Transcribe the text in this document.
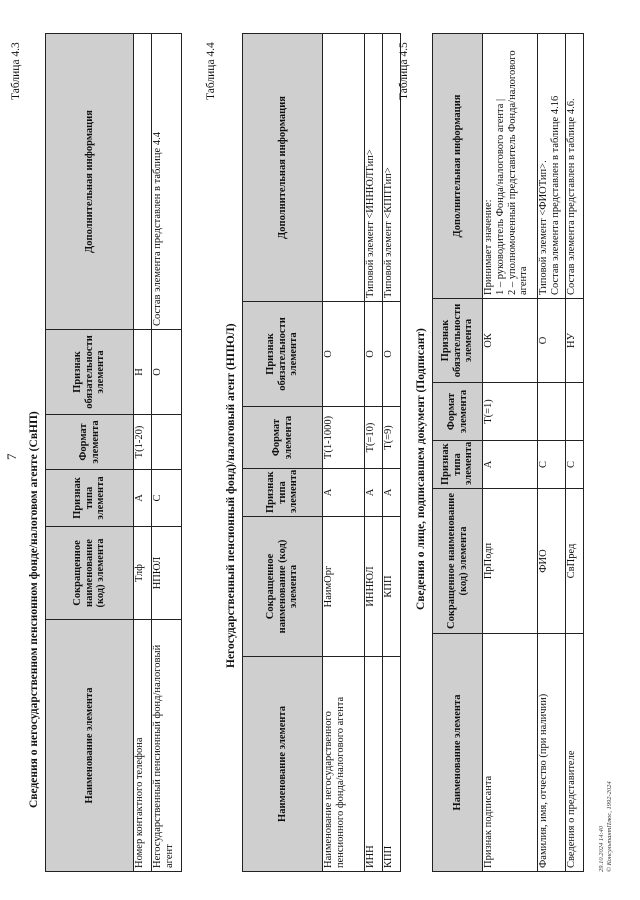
7
Таблица 4.3
Сведения о негосударственном пенсионном фонде/налоговом агенте (СвНП)	Наименование элемента	Сокращенное наименование (код) элемента	Признак типа элемента	Формат элемента	Признак обязательности элемента	Дополнительная информация
Номер контактного телефона	Тлф	А	T(1-20)	Н	
Негосударственный пенсионный фонд/налоговый агент	НПЮЛ	С		О	Состав элемента представлен в таблице 4.4
Таблица 4.4
Негосударственный пенсионный фонд)/налоговый агент (НПЮЛ)
Наименование элемента	Сокращенное наименование (код) элемента	Признак типа элемента	Формат элемента	Признак обязательности элемента	Дополнительная информация
Наименование негосударственного пенсионного фонда/налогового агента	НаимОрг	А	T(1-1000)	О	
ИНН	ИННЮЛ	А	T(=10)	О	Типовой элемент <ИННЮЛТип>
КПП	КПП	А	T(=9)	О	Типовой элемент <КППТип>
Таблица 4.5
Сведения о лице, подписавшем документ (Подписант)
Наименование элемента	Сокращенное наименование (код) элемента	Признак типа элемента	Формат элемента	Признак обязательности элемента	Дополнительная информация
Признак подписанта	ПрПодп	А	T(=1)	ОК	Принимает значение:
1 – руководитель Фонда/налогового агента |
2 – уполномоченный представитель Фонда/налогового агента
Фамилия, имя, отчество (при наличии)	ФИО	С		О	Типовой элемент <ФИОТип>.
Состав элемента представлен в таблице 4.16
Сведения о представителе	СвПред	С		НУ	Состав элемента представлен в таблице 4.6.
29.10.2024 14:40 © КонсультантПлюс, 1992-2024
